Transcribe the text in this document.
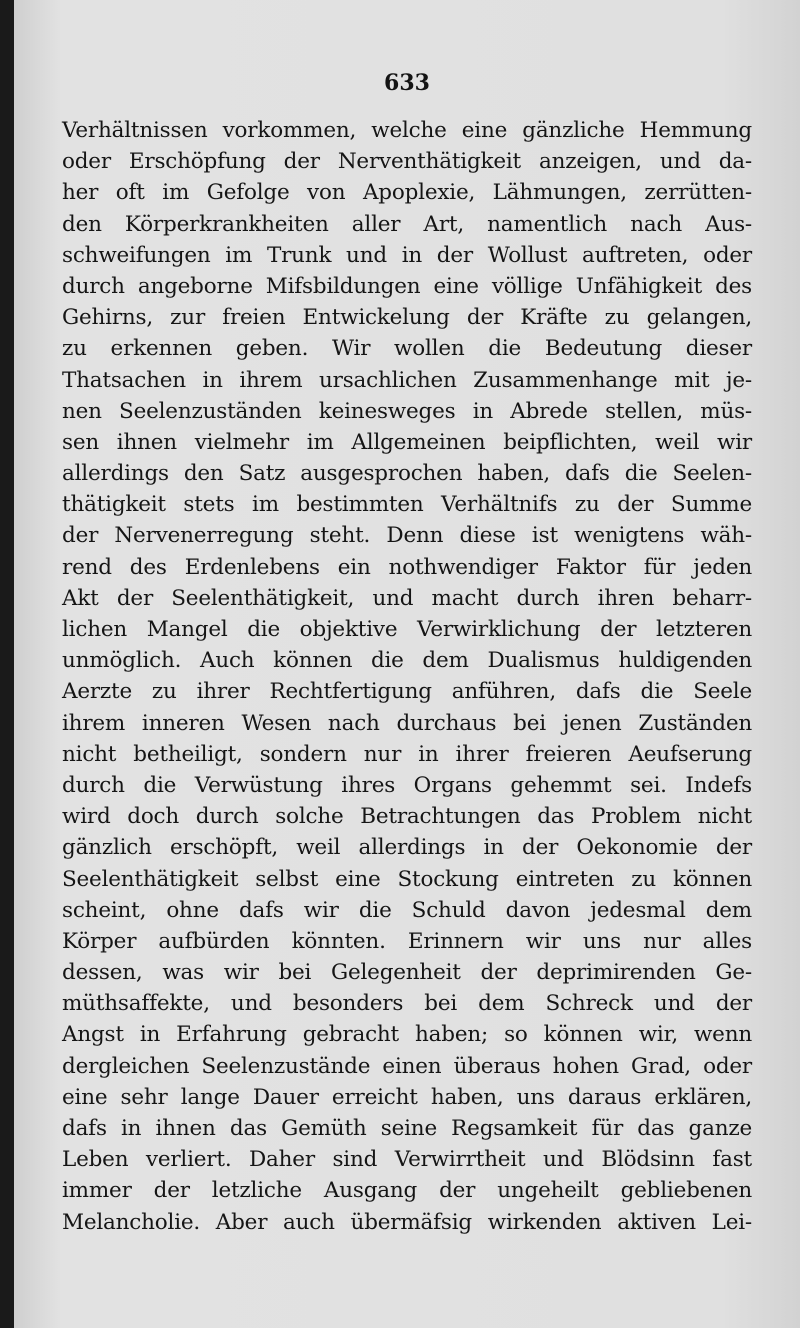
633
Verhältnissen vorkommen, welche eine gänzliche Hemmung
oder Erschöpfung der Nerventhätigkeit anzeigen, und da-
her oft im Gefolge von Apoplexie, Lähmungen, zerrütten-
den Körperkrankheiten aller Art, namentlich nach Aus-
schweifungen im Trunk und in der Wollust auftreten, oder
durch angeborne Mifsbildungen eine völlige Unfähigkeit des
Gehirns, zur freien Entwickelung der Kräfte zu gelangen,
zu erkennen geben. Wir wollen die Bedeutung dieser
Thatsachen in ihrem ursachlichen Zusammenhange mit je-
nen Seelenzuständen keinesweges in Abrede stellen, müs-
sen ihnen vielmehr im Allgemeinen beipflichten, weil wir
allerdings den Satz ausgesprochen haben, dafs die Seelen-
thätigkeit stets im bestimmten Verhältnifs zu der Summe
der Nervenerregung steht. Denn diese ist wenigtens wäh-
rend des Erdenlebens ein nothwendiger Faktor für jeden
Akt der Seelenthätigkeit, und macht durch ihren beharr-
lichen Mangel die objektive Verwirklichung der letzteren
unmöglich. Auch können die dem Dualismus huldigenden
Aerzte zu ihrer Rechtfertigung anführen, dafs die Seele
ihrem inneren Wesen nach durchaus bei jenen Zuständen
nicht betheiligt, sondern nur in ihrer freieren Aeufserung
durch die Verwüstung ihres Organs gehemmt sei. Indefs
wird doch durch solche Betrachtungen das Problem nicht
gänzlich erschöpft, weil allerdings in der Oekonomie der
Seelenthätigkeit selbst eine Stockung eintreten zu können
scheint, ohne dafs wir die Schuld davon jedesmal dem
Körper aufbürden könnten. Erinnern wir uns nur alles
dessen, was wir bei Gelegenheit der deprimirenden Ge-
müthsaffekte, und besonders bei dem Schreck und der
Angst in Erfahrung gebracht haben; so können wir, wenn
dergleichen Seelenzustände einen überaus hohen Grad, oder
eine sehr lange Dauer erreicht haben, uns daraus erklären,
dafs in ihnen das Gemüth seine Regsamkeit für das ganze
Leben verliert. Daher sind Verwirrtheit und Blödsinn fast
immer der letzliche Ausgang der ungeheilt gebliebenen
Melancholie. Aber auch übermäfsig wirkenden aktiven Lei-
